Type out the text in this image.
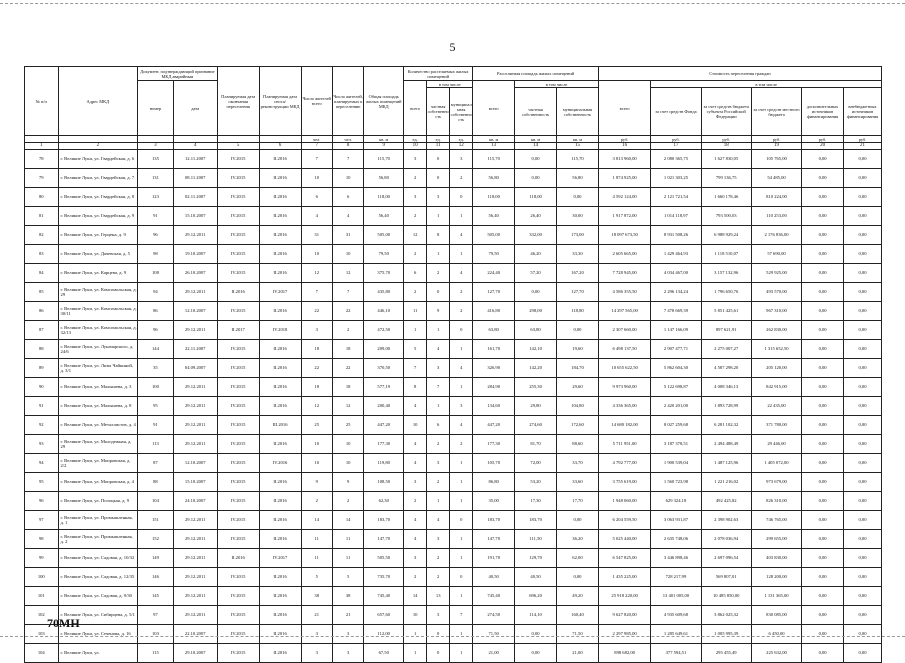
5
№ п/п	Адрес МКД	Документ, подтверждающий признание МКД аварийным		Планируемая дата окончания переселения	Планируемая дата сноса/ реконструкции МКД	Число жителей всего	Число жителей, планируемых к переселению	Общая площадь жилых помещений МКД	Количество расселяемых жилых помещений			Расселяемая площадь жилых помещений			Стоимость переселения граждан					
		номер	дата						всего	в том числе		всего	в том числе		всего	в том числе				
										частная собственность	муниципальная собственность		частная собственность	муниципальная собственность		за счет средств Фонда	за счет средств бюджета субъекта Российской Федерации	за счет средств местного бюджета	дополнительных источников финансирования	внебюджетных источников финансирования
						чел.	чел.	кв. м	ед.	ед.	ед.	кв. м	кв. м	кв. м	руб.	руб.	руб.	руб.	руб.	руб.
1	2	3	4	5	6	7	8	9	10	11	12	13	14	15	16	17	18	19	20	21
78	г. Великие Луки, ул. Гвардейская, д. 6	135	12.11.2007	IV.2015	II.2016	7	7	115,70	3	0	3	115,70	0,00	115,70	3 813 960,00	2 080 365,75	1 627 830,05	105 765,00	0,00	0,00
79	г. Великие Луки, ул. Гвардейская, д. 7	131	08.11.2007	IV.2015	II.2016	10	10	56,80	2	0	2	56,80	0,00	56,80	1 874 925,00	1 021 303,25	799 136,75	54 485,00	0,00	0,00
80	г. Великие Луки, ул. Гвардейская, д. 8	123	02.11.2007	IV.2015	II.2016	6	6	118,00	3	3	0	118,00	118,00	0,00	4 592 124,00	2 121 721,54	1 660 178,46	810 224,00	0,00	0,00
81	г. Великие Луки, ул. Гвардейская, д. 9	91	15.10.2007	IV.2015	II.2016	4	4	56,40	2	1	1	56,40	26,40	30,00	1 917 872,00	1 014 118,97	793 500,03	110 253,00	0,00	0,00
82	г. Великие Луки, ул. Герцена, д. 9	96	29.12.2011	IV.2015	II.2016	31	31	505,00	12	8	4	505,00	332,00	173,00	18 097 673,50	8 931 508,26	6 988 929,24	2 176 836,00	0,00	0,00
83	г. Великие Луки, ул. Дачевская, д. 5	98	19.10.2007	IV.2015	II.2016	10	10	79,50	2	1	1	79,50	46,20	33,30	2 605 665,00	1 429 464,93	1 118 510,07	57 690,00	0,00	0,00
84	г. Великие Луки, ул. Карцева, д. 9	108	26.10.2007	IV.2015	II.2016	12	12	375,70	6	2	4	224,40	57,20	167,20	7 728 945,00	4 034 467,00	3 157 132,96	529 925,00	0,00	0,00
85	г. Великие Луки, ул. Комсомольская, д. 29	94	29.12.2011	II.2016	IV.2017	7	7	435,80	2	0	2	127,70	0,00	127,70	4 586 355,50	2 296 134,24	1 796 650,76	493 570,00	0,00	0,00
86	г. Великие Луки, ул. Комсомольская, д. 30/11	86	12.10.2007	IV.2015	II.2016	22	22	446,10	11	9	2	416,80	298,00	118,80	14 297 565,00	7 478 669,39	5 851 425,61	967 310,00	0,00	0,00
87	г. Великие Луки, ул. Комсомольская, д. 32/13	96	29.12.2011	II.2017	IV.2018	3	2	472,50	1	1	0	63,80	63,80	0,00	2 307 660,00	1 147 166,09	897 621,91	262 830,00	0,00	0,00
88	г. Великие Луки, ул. Луначарского, д. 24/6	144	22.11.2007	IV.2015	II.2016	18	18	209,00	5	4	1	161,70	142,10	19,60	6 498 137,50	2 907 477,71	2 275 007,27	1 315 652,50	0,00	0,00
89	г. Великие Луки, ул. Лизы Чайкиной, д. 3/1	35	04.09.2007	IV.2015	II.2016	22	22	370,50	7	3	4	326,90	142,20	184,70	10 655 622,50	5 862 604,30	4 587 298,20	205 120,00	0,00	0,00
90	г. Великие Луки, ул. Малышева, д. 3	100	29.12.2011	IV.2015	II.2016	18	18	577,19	8	7	1	284,90	255,30	29,60	9 973 960,00	5 122 698,87	4 008 346,13	842 915,00	0,00	0,00
91	г. Великие Луки, ул. Малышева, д. 8	95	29.12.2011	IV.2015	II.2016	12	12	200,40	4	1	3	134,60	29,80	104,80	4 336 365,00	2 420 201,00	1 893 728,99	22 435,00	0,00	0,00
92	г. Великие Луки, ул. Металлистов, д. 4	91	29.12.2011	IV.2015	III.2016	25	25	447,20	10	6	4	447,20	274,60	172,60	14 680 182,00	8 027 259,68	6 281 102,32	371 780,00	0,00	0,00
93	г. Великие Луки, ул. Молодежная, д. 29	113	29.12.2011	IV.2015	II.2016	10	10	177,30	4	2	2	177,30	81,70	88,60	5 711 951,00	3 187 378,51	2 494 488,49	29 446,00	0,00	0,00
94	г. Великие Луки, ул. Мопровская, д. 2/2	87	12.10.2007	IV.2015	IV.2016	10	10	119,80	4	3	1	105,70	72,00	33,70	4 792 777,00	1 900 539,04	1 487 125,96	1 405 072,00	0,00	0,00
95	г. Великие Луки, ул. Мопровская, д. 4	88	15.10.2007	IV.2015	II.2016	9	9	108,50	3	2	1	86,80	53,20	33,60	3 755 619,00	1 560 723,98	1 221 216,02	973 679,00	0,00	0,00
96	г. Великие Луки, ул. Полоцкая, д. 9	104	24.10.2007	IV.2015	II.2016	2	2	62,30	2	1	1	35,00	17,30	17,70	1 948 060,00	629 324,18	492 425,82	826 310,00	0,00	0,00
97	г. Великие Луки, ул. Промышленная, д. 1	151	29.12.2011	IV.2015	II.2016	14	14	183,70	4	4	0	183,70	183,70	0,00	6 204 559,50	3 063 931,87	2 398 902,63	746 765,00	0,00	0,00
98	г. Великие Луки, ул. Промышленная, д. 2	152	29.12.2011	IV.2015	II.2016	11	11	147,70	4	3	1	147,70	111,50	36,20	5 025 440,00	2 635 748,06	2 078 036,94	299 655,00	0,00	0,00
99	г. Великие Луки, ул. Садовая, д. 10/32	149	29.12.2011	II.2016	IV.2017	11	11	505,50	3	2	1	191,70	129,70	62,00	6 547 825,00	3 446 898,46	2 697 096,54	403 830,00	0,00	0,00
100	г. Великие Луки, ул. Садовая, д. 12/35	146	29.12.2011	IV.2015	II.2016	5	5	735,70	2	2	0	40,50	40,50	0,00	1 435 225,00	728 217,99	569 807,01	128 200,00	0,00	0,00
101	г. Великие Луки, ул. Садовая, д. 9/30	145	29.12.2011	IV.2015	II.2016	38	38	745,40	14	13	1	745,40	696,20	49,20	25 918 220,00	13 401 005,00	10 485 850,00	1 131 365,00	0,00	0,00
102	г. Великие Луки, ул. Сибирцева, д. 5/1	97	29.12.2011	IV.2015	II.2016	21	21	657,60	10	3	7	274,50	114,10	160,40	9 627 820,00	4 935 609,68	3 862 025,32	830 085,00	0,00	0,00
103	г. Великие Луки, ул. Сеченова, д. 16	103	22.10.2007	IV.2015	II.2016	3	3	112,00	1	0	1	71,50	0,00	71,50	2 297 985,00	1 285 649,61	1 005 995,39	6 450,00	0,00	0,00
104	г. Великие Луки, ул.	115	29.10.2007	IV.2015	II.2016	3	3	67,50	1	0	1	21,00	0,00	21,00	898 682,00	377 594,51	295 455,49	225 632,00	0,00	0,00
70МН
